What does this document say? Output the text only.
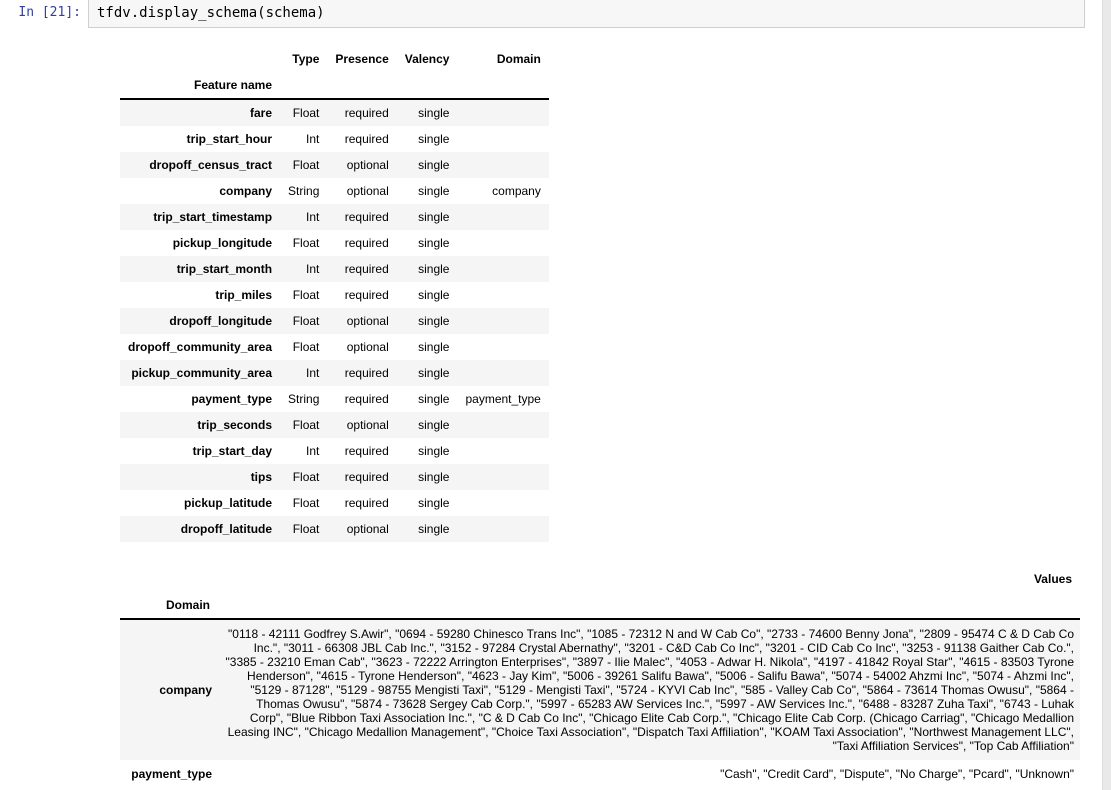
In [21]:	tfdv.display_schema(schema)
	Type	Presence	Valency	Domain
Feature name				
fare	Float	required	single	
trip_start_hour	Int	required	single	
dropoff_census_tract	Float	optional	single	
company	String	optional	single	company
trip_start_timestamp	Int	required	single	
pickup_longitude	Float	required	single	
trip_start_month	Int	required	single	
trip_miles	Float	required	single	
dropoff_longitude	Float	optional	single	
dropoff_community_area	Float	optional	single	
pickup_community_area	Int	required	single	
payment_type	String	required	single	payment_type
trip_seconds	Float	optional	single	
trip_start_day	Int	required	single	
tips	Float	required	single	
pickup_latitude	Float	required	single	
dropoff_latitude	Float	optional	single	
	Values
Domain	
company	"0118 - 42111 Godfrey S.Awir", "0694 - 59280 Chinesco Trans Inc", "1085 - 72312 N and W Cab Co", "2733 - 74600 Benny Jona", "2809 - 95474 C & D Cab Co Inc.", "3011 - 66308 JBL Cab Inc.", "3152 - 97284 Crystal Abernathy", "3201 - C&D Cab Co Inc", "3201 - CID Cab Co Inc", "3253 - 91138 Gaither Cab Co.", "3385 - 23210 Eman Cab", "3623 - 72222 Arrington Enterprises", "3897 - Ilie Malec", "4053 - Adwar H. Nikola", "4197 - 41842 Royal Star", "4615 - 83503 Tyrone Henderson", "4615 - Tyrone Henderson", "4623 - Jay Kim", "5006 - 39261 Salifu Bawa", "5006 - Salifu Bawa", "5074 - 54002 Ahzmi Inc", "5074 - Ahzmi Inc", "5129 - 87128", "5129 - 98755 Mengisti Taxi", "5129 - Mengisti Taxi", "5724 - KYVI Cab Inc", "585 - Valley Cab Co", "5864 - 73614 Thomas Owusu", "5864 - Thomas Owusu", "5874 - 73628 Sergey Cab Corp.", "5997 - 65283 AW Services Inc.", "5997 - AW Services Inc.", "6488 - 83287 Zuha Taxi", "6743 - Luhak Corp", "Blue Ribbon Taxi Association Inc.", "C & D Cab Co Inc", "Chicago Elite Cab Corp.", "Chicago Elite Cab Corp. (Chicago Carriag", "Chicago Medallion Leasing INC", "Chicago Medallion Management", "Choice Taxi Association", "Dispatch Taxi Affiliation", "KOAM Taxi Association", "Northwest Management LLC", "Taxi Affiliation Services", "Top Cab Affiliation"
payment_type	"Cash", "Credit Card", "Dispute", "No Charge", "Pcard", "Unknown"
